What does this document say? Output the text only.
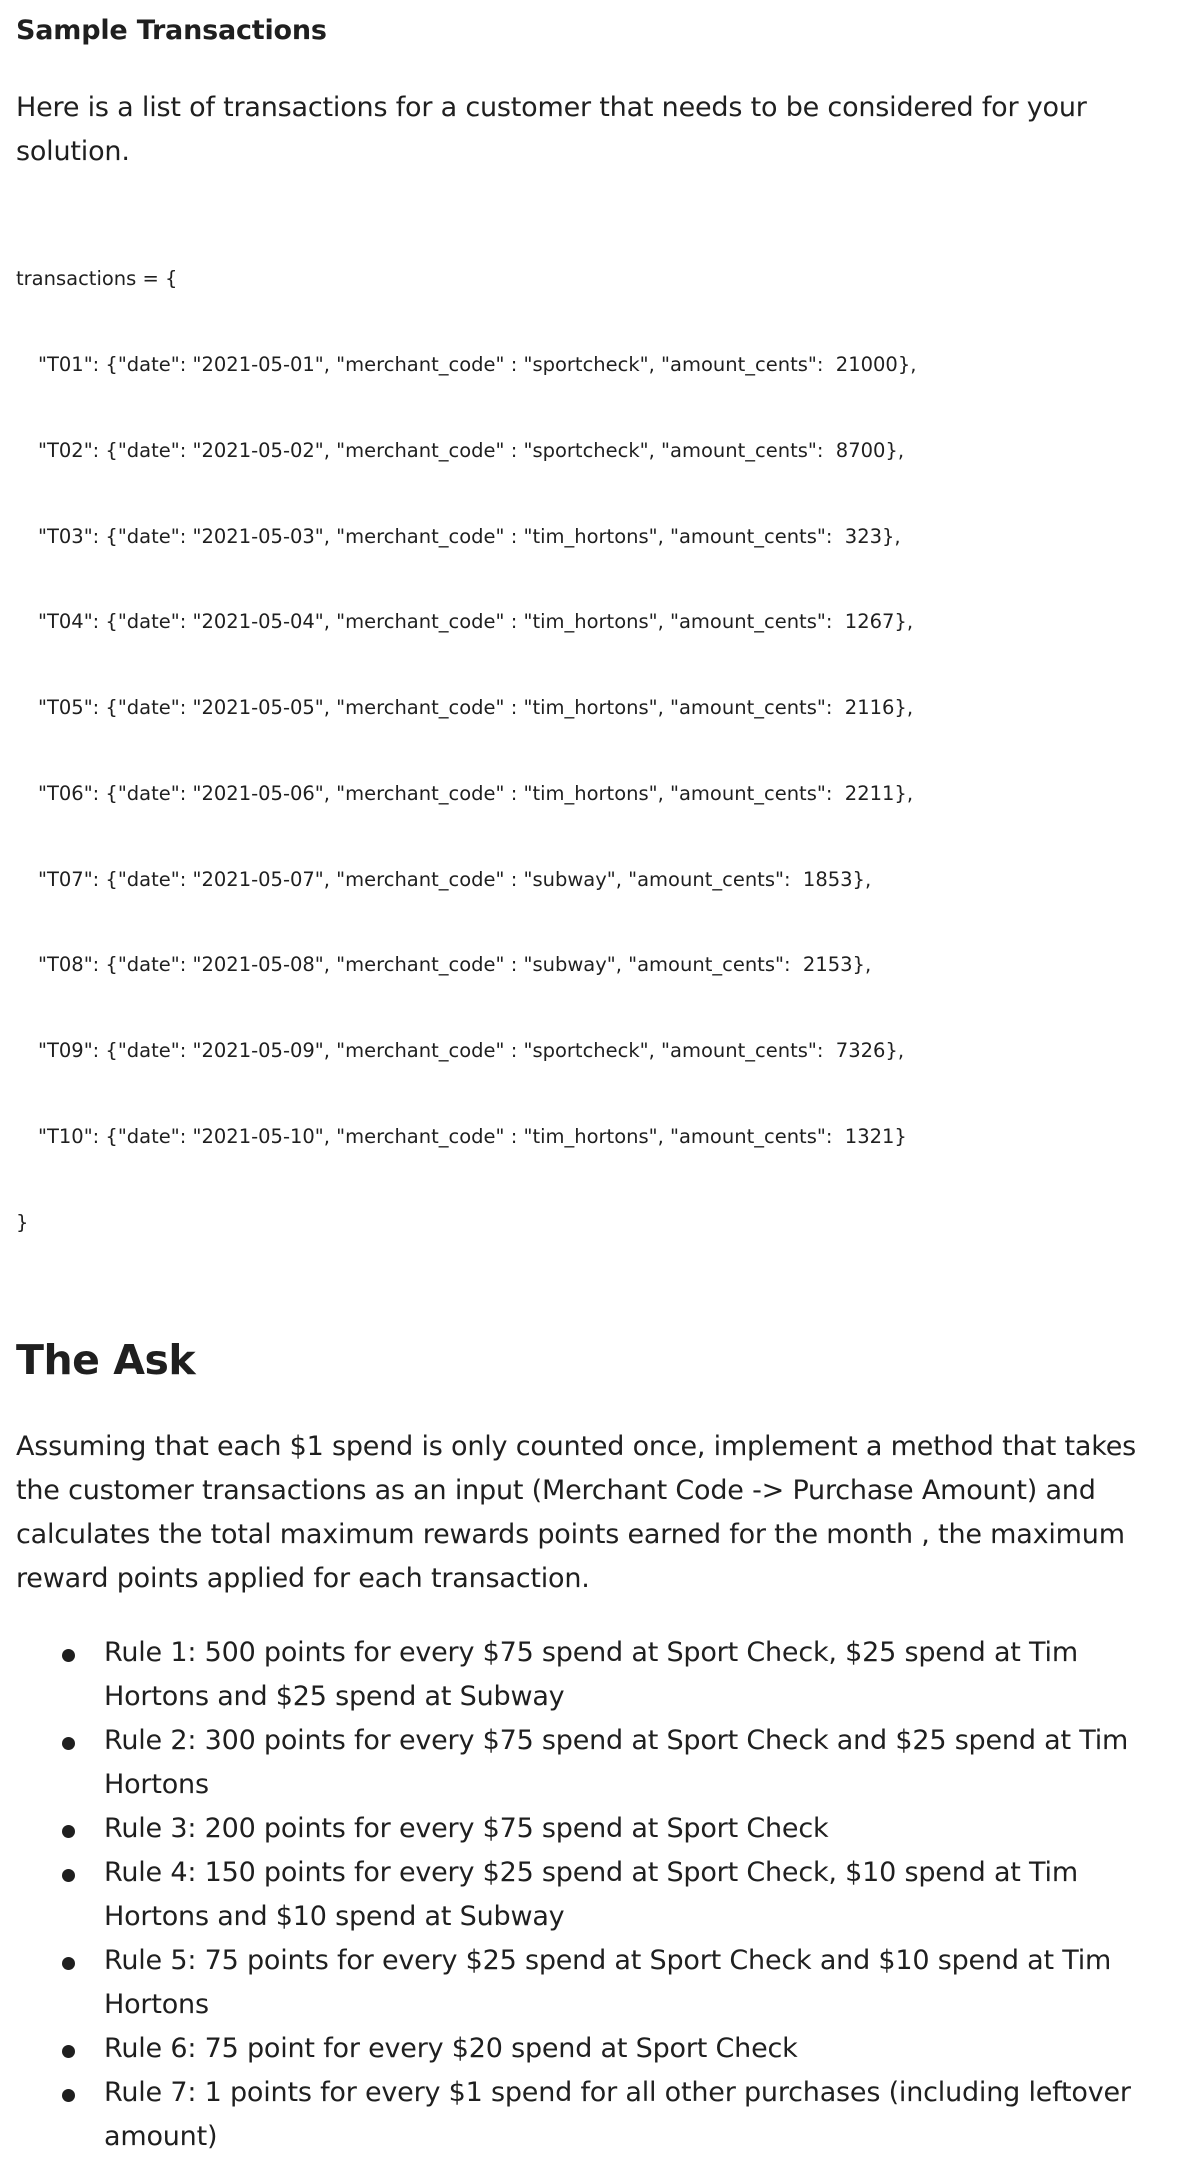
Sample Transactions

Here is a list of transactions for a customer that needs to be considered for your solution.

transactions = {

"T01": {"date": "2021-05-01", "merchant_code" : "sportcheck", "amount_cents":  21000},

"T02": {"date": "2021-05-02", "merchant_code" : "sportcheck", "amount_cents":  8700},

"T03": {"date": "2021-05-03", "merchant_code" : "tim_hortons", "amount_cents":  323},

"T04": {"date": "2021-05-04", "merchant_code" : "tim_hortons", "amount_cents":  1267},

"T05": {"date": "2021-05-05", "merchant_code" : "tim_hortons", "amount_cents":  2116},

"T06": {"date": "2021-05-06", "merchant_code" : "tim_hortons", "amount_cents":  2211},

"T07": {"date": "2021-05-07", "merchant_code" : "subway", "amount_cents":  1853},

"T08": {"date": "2021-05-08", "merchant_code" : "subway", "amount_cents":  2153},

"T09": {"date": "2021-05-09", "merchant_code" : "sportcheck", "amount_cents":  7326},

"T10": {"date": "2021-05-10", "merchant_code" : "tim_hortons", "amount_cents":  1321}

}

The Ask

Assuming that each $1 spend is only counted once, implement a method that takes the customer transactions as an input (Merchant Code -> Purchase Amount) and calculates the total maximum rewards points earned for the month , the maximum reward points applied for each transaction.

Rule 1: 500 points for every $75 spend at Sport Check, $25 spend at Tim Hortons and $25 spend at Subway
Rule 2: 300 points for every $75 spend at Sport Check and $25 spend at Tim Hortons
Rule 3: 200 points for every $75 spend at Sport Check
Rule 4: 150 points for every $25 spend at Sport Check, $10 spend at Tim Hortons and $10 spend at Subway
Rule 5: 75 points for every $25 spend at Sport Check and $10 spend at Tim Hortons
Rule 6: 75 point for every $20 spend at Sport Check
Rule 7: 1 points for every $1 spend for all other purchases (including leftover amount)
